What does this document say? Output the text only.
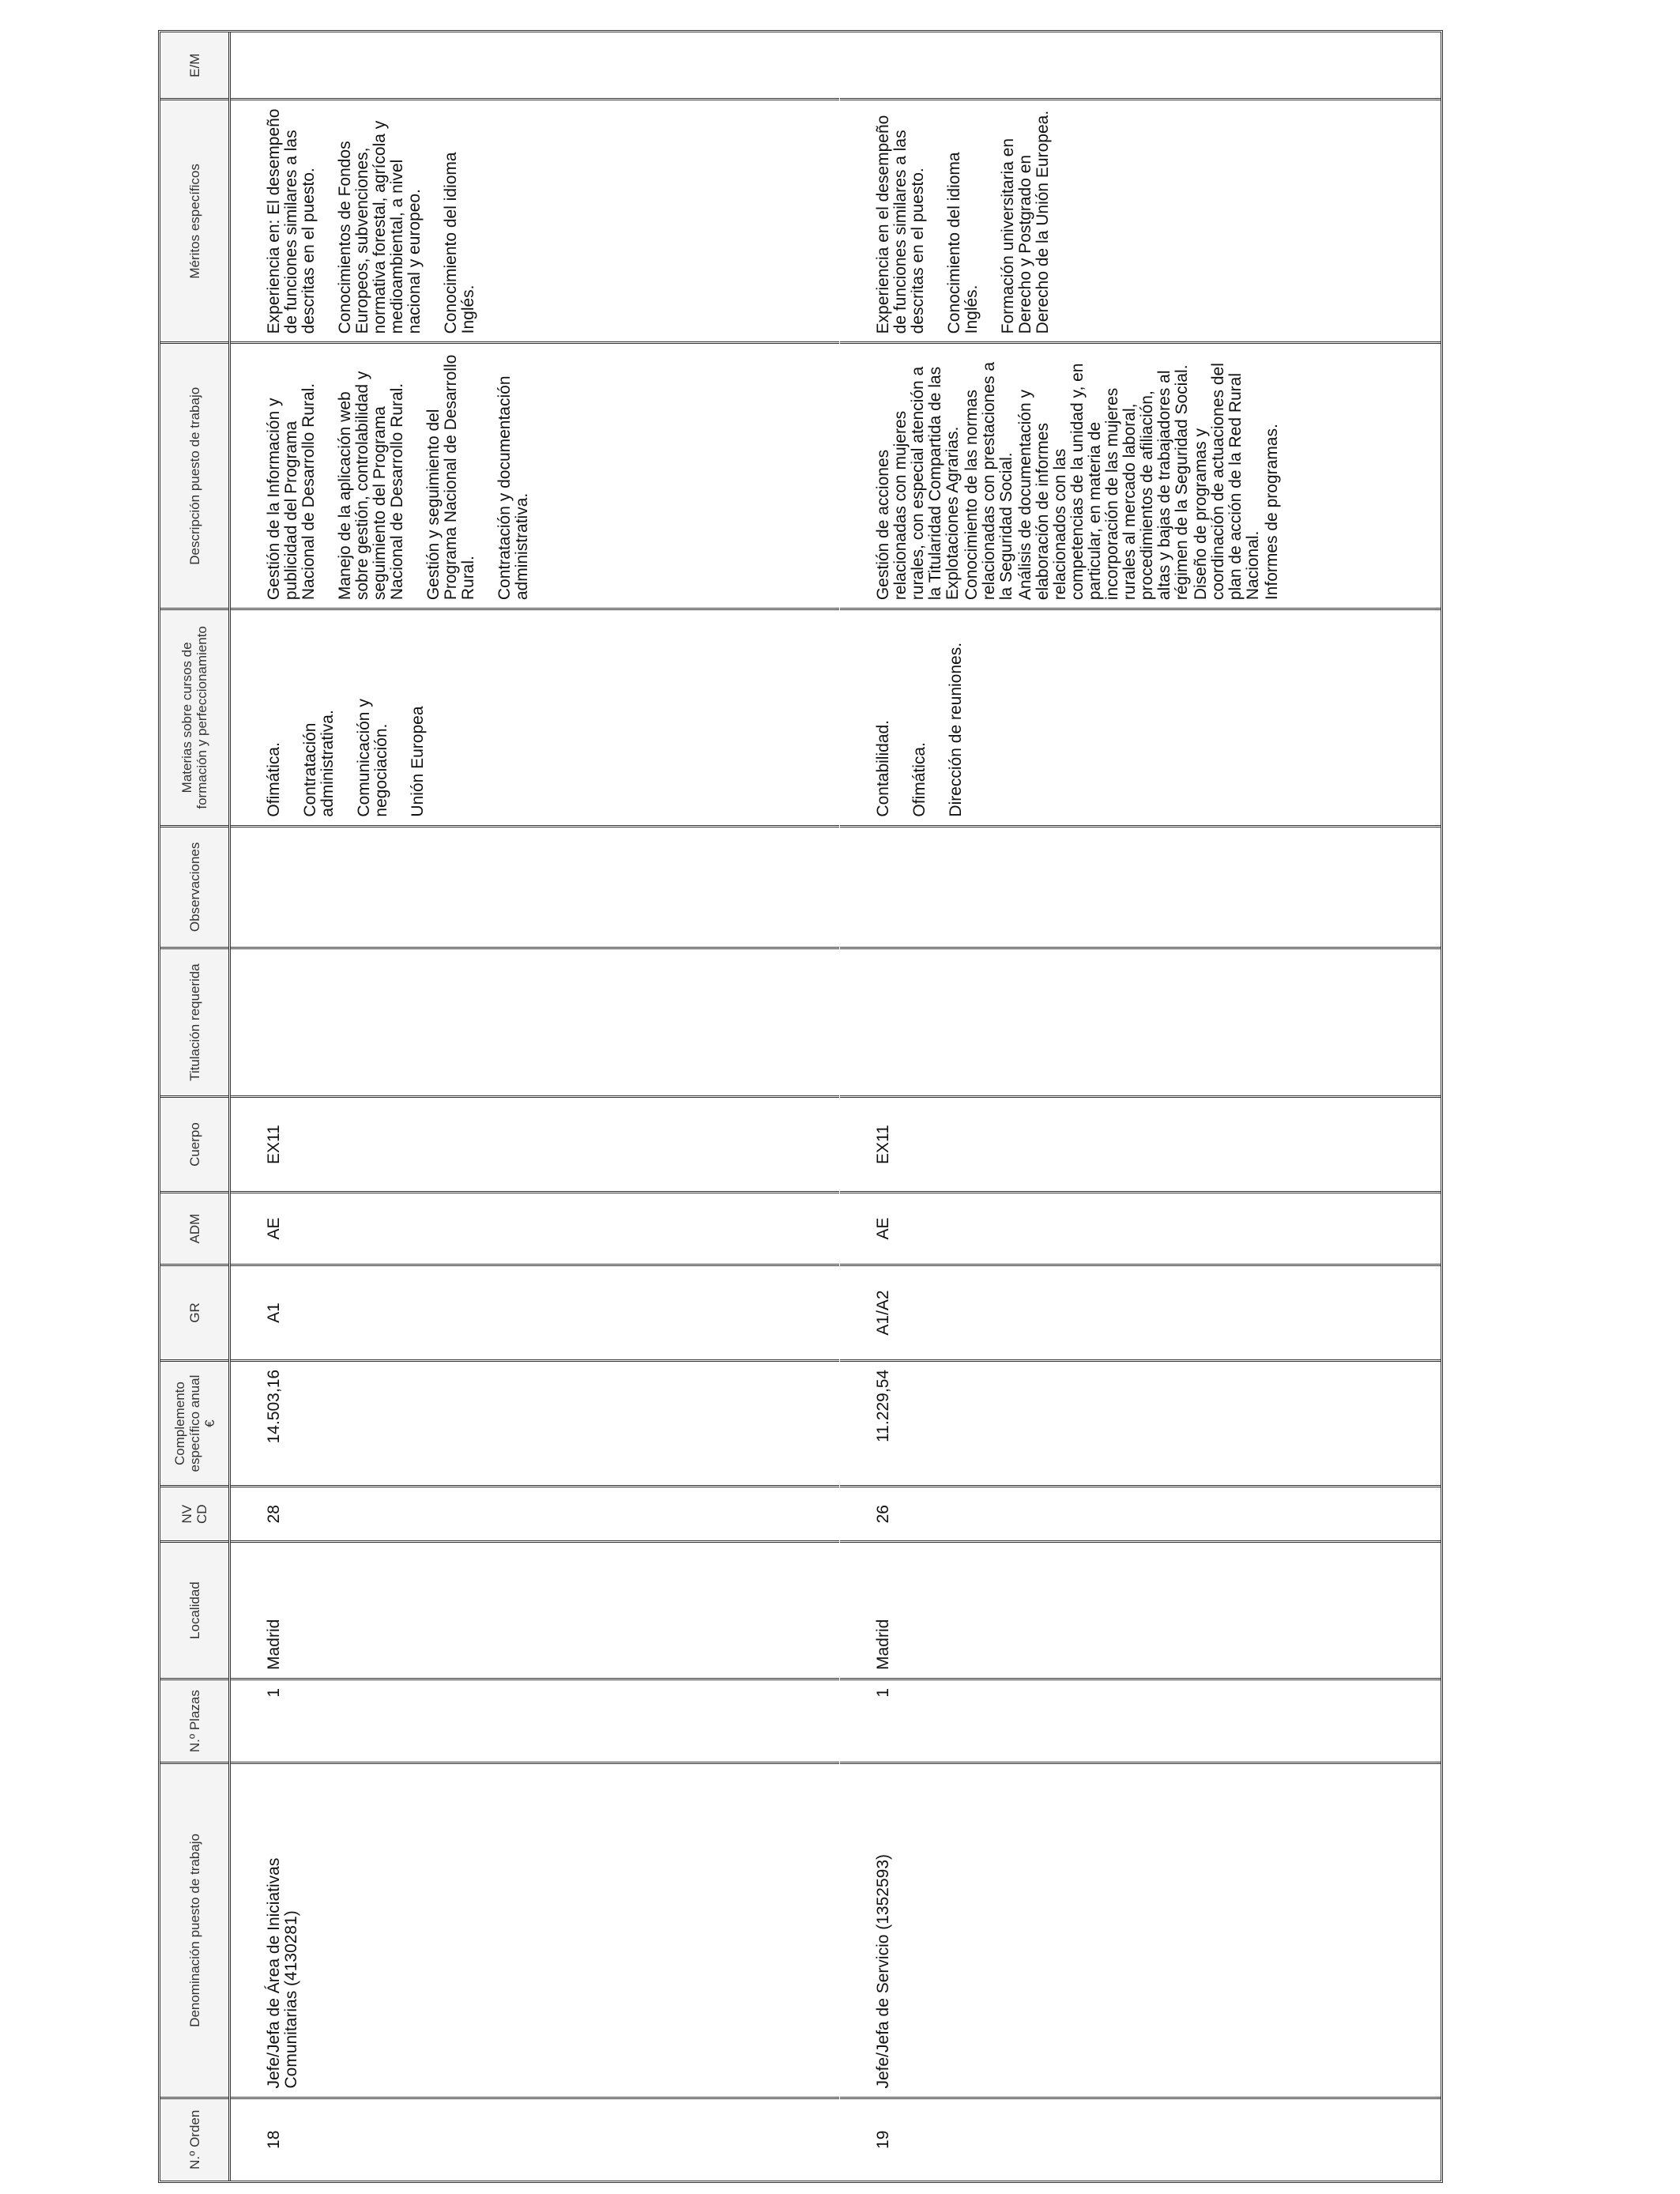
N.º Orden
Denominación puesto de trabajo
N.º Plazas
Localidad
NV CD
Complemento específico anual €
GR
ADM
Cuerpo
Titulación requerida
Observaciones
Materias sobre cursos de formación y perfeccionamiento
Descripción puesto de trabajo
Méritos específicos
E/M
18
Jefe/Jefa de Área de Iniciativas Comunitarias (4130281)
1
Madrid
28
14.503,16
A1
AE
EX11
Ofimática. Contratación administrativa. Comunicación y negociación. Unión Europea
Gestión de la Información y publicidad del Programa Nacional de Desarrollo Rural. Manejo de la aplicación web sobre gestión, controlabilidad y seguimiento del Programa Nacional de Desarrollo Rural. Gestión y seguimiento del Programa Nacional de Desarrollo Rural. Contratación y documentación administrativa.
Experiencia en: El desempeño de funciones similares a las descritas en el puesto. Conocimientos de Fondos Europeos, subvenciones, normativa forestal, agrícola y medioambiental, a nivel nacional y europeo. Conocimiento del idioma Inglés.
19
Jefe/Jefa de Servicio (1352593)
1
Madrid
26
11.229,54
A1/A2
AE
EX11
Contabilidad. Ofimática. Dirección de reuniones.
Gestión de acciones relacionadas con mujeres rurales, con especial atención a la Titularidad Compartida de las Explotaciones Agrarias. Conocimiento de las normas relacionadas con prestaciones a la Seguridad Social. Análisis de documentación y elaboración de informes relacionados con las competencias de la unidad y, en particular, en materia de incorporación de las mujeres rurales al mercado laboral, procedimientos de afiliación, altas y bajas de trabajadores al régimen de la Seguridad Social. Diseño de programas y coordinación de actuaciones del plan de acción de la Red Rural Nacional. Informes de programas.
Experiencia en el desempeño de funciones similares a las descritas en el puesto. Conocimiento del idioma Inglés. Formación universitaria en Derecho y Postgrado en Derecho de la Unión Europea.
